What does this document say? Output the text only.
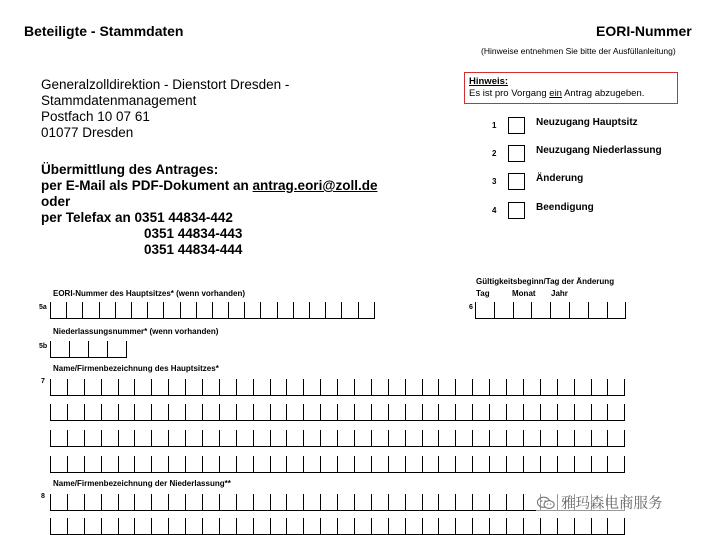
Beteiligte - Stammdaten	EORI-Nummer
(Hinweise entnehmen Sie bitte der Ausfüllanleitung)
Generalzolldirektion - Dienstort Dresden -
Stammdatenmanagement
Postfach 10 07 61
01077 Dresden
Übermittlung des Antrages:
per E-Mail als PDF-Dokument an antrag.eori@zoll.de
oder
per Telefax an 0351 44834-442
0351 44834-443
0351 44834-444
Hinweis:
Es ist pro Vorgang ein Antrag abzugeben.
1	Neuzugang Hauptsitz
2	Neuzugang Niederlassung
3	Änderung
4	Beendigung
EORI-Nummer des Hauptsitzes* (wenn vorhanden)
5a
Gültigkeitsbeginn/Tag der Änderung
Tag	Monat Jahr
6
Niederlassungsnummer* (wenn vorhanden)
5b
Name/Firmenbezeichnung des Hauptsitzes*
7
Name/Firmenbezeichnung der Niederlassung**
8	雅玛森电商服务
